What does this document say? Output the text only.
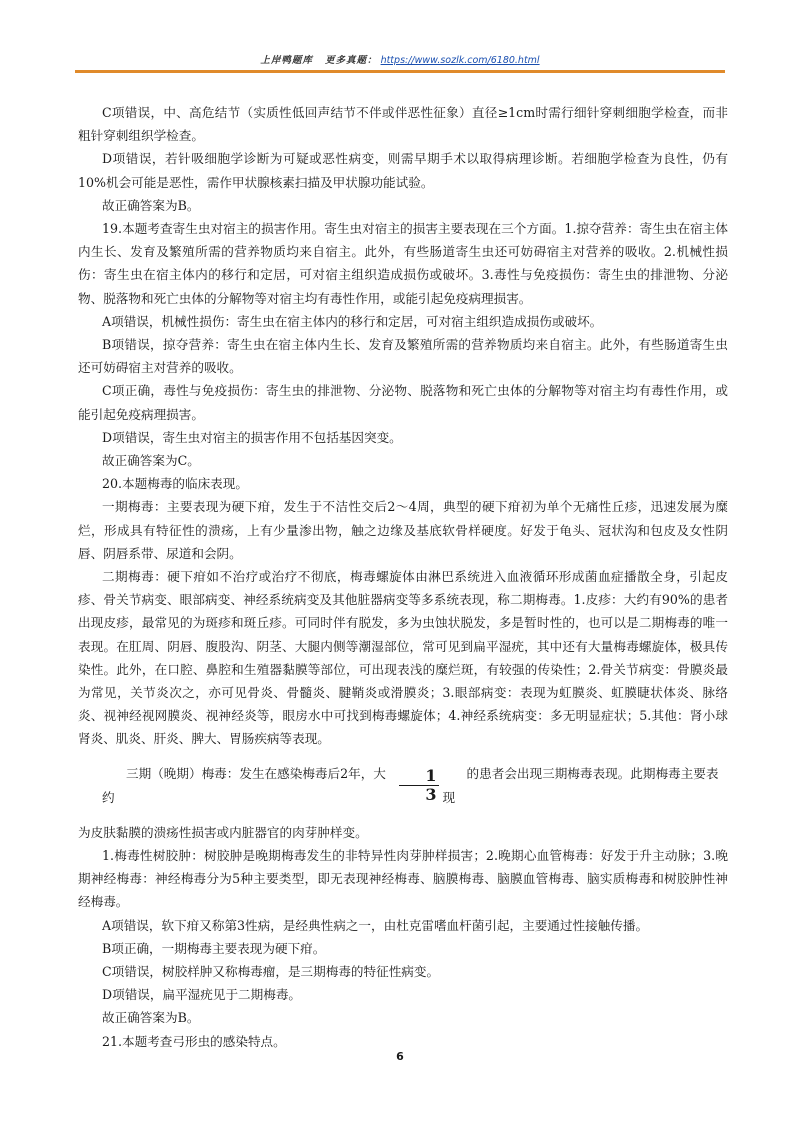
上岸鸭题库 更多真题： https://www.sozlk.com/6180.html

C项错误，中、高危结节（实质性低回声结节不伴或伴恶性征象）直径≥1cm时需行细针穿刺细胞学检查，而非粗针穿刺组织学检查。

D项错误，若针吸细胞学诊断为可疑或恶性病变，则需早期手术以取得病理诊断。若细胞学检查为良性，仍有10%机会可能是恶性，需作甲状腺核素扫描及甲状腺功能试验。

故正确答案为B。

19.本题考查寄生虫对宿主的损害作用。寄生虫对宿主的损害主要表现在三个方面。1.掠夺营养：寄生虫在宿主体内生长、发育及繁殖所需的营养物质均来自宿主。此外，有些肠道寄生虫还可妨碍宿主对营养的吸收。2.机械性损伤：寄生虫在宿主体内的移行和定居，可对宿主组织造成损伤或破坏。3.毒性与免疫损伤：寄生虫的排泄物、分泌物、脱落物和死亡虫体的分解物等对宿主均有毒性作用，或能引起免疫病理损害。

A项错误，机械性损伤：寄生虫在宿主体内的移行和定居，可对宿主组织造成损伤或破坏。

B项错误，掠夺营养：寄生虫在宿主体内生长、发育及繁殖所需的营养物质均来自宿主。此外，有些肠道寄生虫还可妨碍宿主对营养的吸收。

C项正确，毒性与免疫损伤：寄生虫的排泄物、分泌物、脱落物和死亡虫体的分解物等对宿主均有毒性作用，或能引起免疫病理损害。

D项错误，寄生虫对宿主的损害作用不包括基因突变。

故正确答案为C。

20.本题梅毒的临床表现。

一期梅毒：主要表现为硬下疳，发生于不洁性交后2～4周，典型的硬下疳初为单个无痛性丘疹，迅速发展为糜烂，形成具有特征性的溃疡，上有少量渗出物，触之边缘及基底软骨样硬度。好发于龟头、冠状沟和包皮及女性阴唇、阴唇系带、尿道和会阴。

二期梅毒：硬下疳如不治疗或治疗不彻底，梅毒螺旋体由淋巴系统进入血液循环形成菌血症播散全身，引起皮疹、骨关节病变、眼部病变、神经系统病变及其他脏器病变等多系统表现，称二期梅毒。1.皮疹：大约有90%的患者出现皮疹，最常见的为斑疹和斑丘疹。可同时伴有脱发，多为虫蚀状脱发，多是暂时性的，也可以是二期梅毒的唯一表现。在肛周、阴唇、腹股沟、阴茎、大腿内侧等潮湿部位，常可见到扁平湿疣，其中还有大量梅毒螺旋体，极具传染性。此外，在口腔、鼻腔和生殖器黏膜等部位，可出现表浅的糜烂斑，有较强的传染性；2.骨关节病变：骨膜炎最为常见，关节炎次之，亦可见骨炎、骨髓炎、腱鞘炎或滑膜炎；3.眼部病变：表现为虹膜炎、虹膜睫状体炎、脉络炎、视神经视网膜炎、视神经炎等，眼房水中可找到梅毒螺旋体；4.神经系统病变：多无明显症状；5.其他：肾小球肾炎、肌炎、肝炎、脾大、胃肠疾病等表现。

三期（晚期）梅毒：发生在感染梅毒后2年，大约	$\frac{1}{3}$	的患者会出现三期梅毒表现。此期梅毒主要表现

为皮肤黏膜的溃疡性损害或内脏器官的肉芽肿样变。

1.梅毒性树胶肿：树胶肿是晚期梅毒发生的非特异性肉芽肿样损害；2.晚期心血管梅毒：好发于升主动脉；3.晚期神经梅毒：神经梅毒分为5种主要类型，即无表现神经梅毒、脑膜梅毒、脑膜血管梅毒、脑实质梅毒和树胶肿性神经梅毒。

A项错误，软下疳又称第3性病，是经典性病之一，由杜克雷嗜血杆菌引起，主要通过性接触传播。

B项正确，一期梅毒主要表现为硬下疳。

C项错误，树胶样肿又称梅毒瘤，是三期梅毒的特征性病变。

D项错误，扁平湿疣见于二期梅毒。

故正确答案为B。

21.本题考查弓形虫的感染特点。

6
